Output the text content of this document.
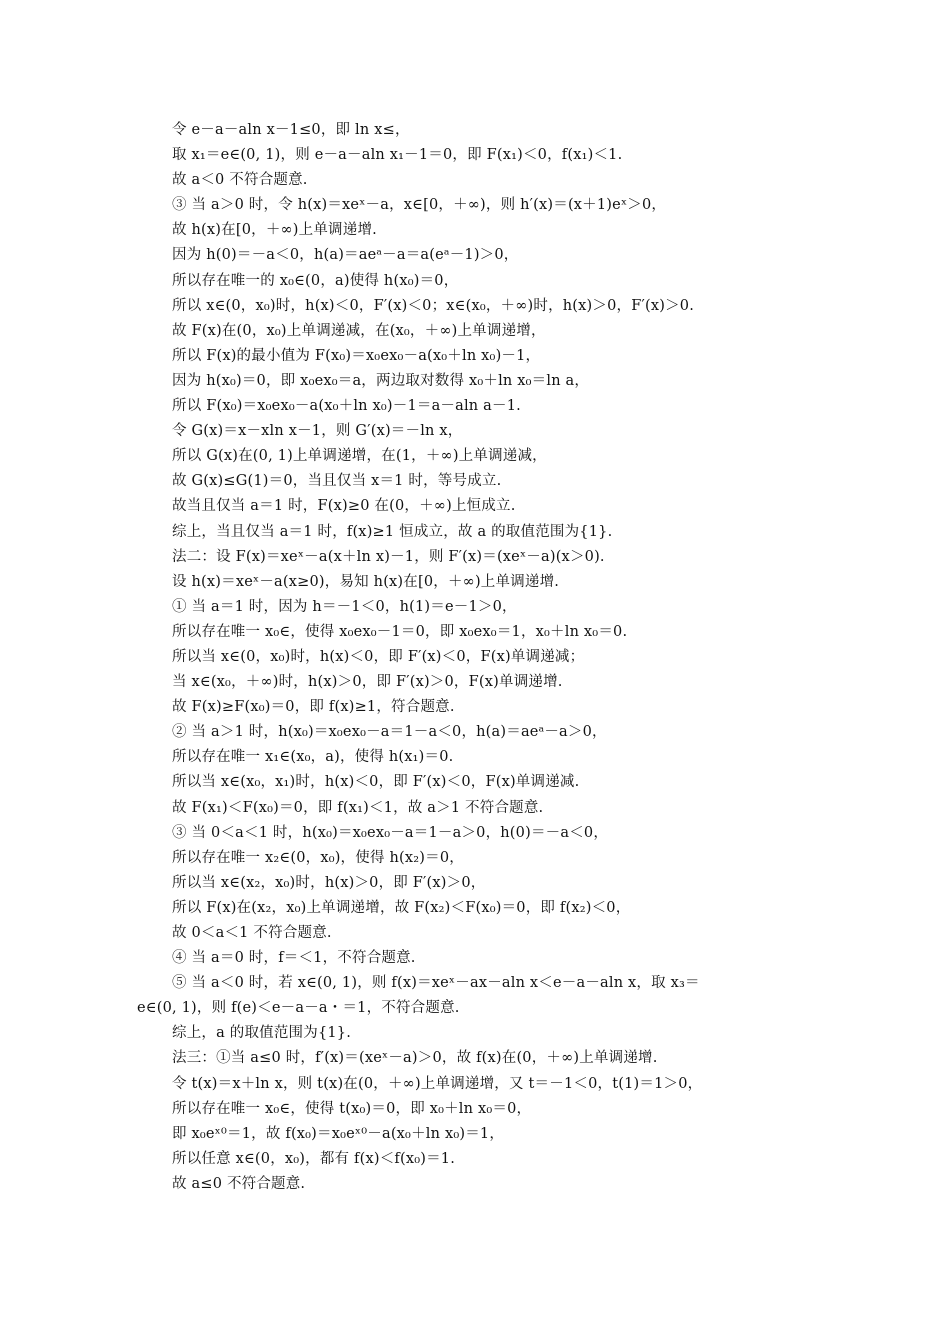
令 e－a－aln x－1≤0，即 ln x≤，
取 x₁＝e∈(0, 1)，则 e－a－aln x₁－1＝0，即 F(x₁)＜0，f(x₁)＜1.
故 a＜0 不符合题意.
③ 当 a＞0 时，令 h(x)＝xeˣ－a，x∈[0，＋∞)，则 h′(x)＝(x＋1)eˣ＞0，
故 h(x)在[0，＋∞)上单调递增.
因为 h(0)＝－a＜0，h(a)＝aeᵃ－a＝a(eᵃ－1)＞0，
所以存在唯一的 x₀∈(0，a)使得 h(x₀)＝0，
所以 x∈(0，x₀)时，h(x)＜0，F′(x)＜0；x∈(x₀，＋∞)时，h(x)＞0，F′(x)＞0.
故 F(x)在(0，x₀)上单调递减，在(x₀，＋∞)上单调递增，
所以 F(x)的最小值为 F(x₀)＝x₀ex₀－a(x₀＋ln x₀)－1，
因为 h(x₀)＝0，即 x₀ex₀＝a，两边取对数得 x₀＋ln x₀＝ln a，
所以 F(x₀)＝x₀ex₀－a(x₀＋ln x₀)－1＝a－aln a－1.
令 G(x)＝x－xln x－1，则 G′(x)＝－ln x，
所以 G(x)在(0, 1)上单调递增，在(1，＋∞)上单调递减，
故 G(x)≤G(1)＝0，当且仅当 x＝1 时，等号成立.
故当且仅当 a＝1 时，F(x)≥0 在(0，＋∞)上恒成立.
综上，当且仅当 a＝1 时，f(x)≥1 恒成立，故 a 的取值范围为{1}.
法二：设 F(x)＝xeˣ－a(x＋ln x)－1，则 F′(x)＝(xeˣ－a)(x＞0).
设 h(x)＝xeˣ－a(x≥0)，易知 h(x)在[0，＋∞)上单调递增.
① 当 a＝1 时，因为 h＝－1＜0，h(1)＝e－1＞0，
所以存在唯一 x₀∈，使得 x₀ex₀－1＝0，即 x₀ex₀＝1，x₀＋ln x₀＝0.
所以当 x∈(0，x₀)时，h(x)＜0，即 F′(x)＜0，F(x)单调递减；
当 x∈(x₀，＋∞)时，h(x)＞0，即 F′(x)＞0，F(x)单调递增.
故 F(x)≥F(x₀)＝0，即 f(x)≥1，符合题意.
② 当 a＞1 时，h(x₀)＝x₀ex₀－a＝1－a＜0，h(a)＝aeᵃ－a＞0，
所以存在唯一 x₁∈(x₀，a)，使得 h(x₁)＝0.
所以当 x∈(x₀，x₁)时，h(x)＜0，即 F′(x)＜0，F(x)单调递减.
故 F(x₁)＜F(x₀)＝0，即 f(x₁)＜1，故 a＞1 不符合题意.
③ 当 0＜a＜1 时，h(x₀)＝x₀ex₀－a＝1－a＞0，h(0)＝－a＜0，
所以存在唯一 x₂∈(0，x₀)，使得 h(x₂)＝0，
所以当 x∈(x₂，x₀)时，h(x)＞0，即 F′(x)＞0，
所以 F(x)在(x₂，x₀)上单调递增，故 F(x₂)＜F(x₀)＝0，即 f(x₂)＜0，
故 0＜a＜1 不符合题意.
④ 当 a＝0 时，f＝＜1，不符合题意.
⑤ 当 a＜0 时，若 x∈(0, 1)，则 f(x)＝xeˣ－ax－aln x＜e－a－aln x，取 x₃＝
e∈(0, 1)，则 f(e)＜e－a－a・＝1，不符合题意.
综上，a 的取值范围为{1}.
法三：①当 a≤0 时，f′(x)＝(xeˣ－a)＞0，故 f(x)在(0，＋∞)上单调递增.
令 t(x)＝x＋ln x，则 t(x)在(0，＋∞)上单调递增，又 t＝－1＜0，t(1)＝1＞0，
所以存在唯一 x₀∈，使得 t(x₀)＝0，即 x₀＋ln x₀＝0，
即 x₀eˣ⁰＝1，故 f(x₀)＝x₀eˣ⁰－a(x₀＋ln x₀)＝1，
所以任意 x∈(0，x₀)，都有 f(x)＜f(x₀)＝1.
故 a≤0 不符合题意.
